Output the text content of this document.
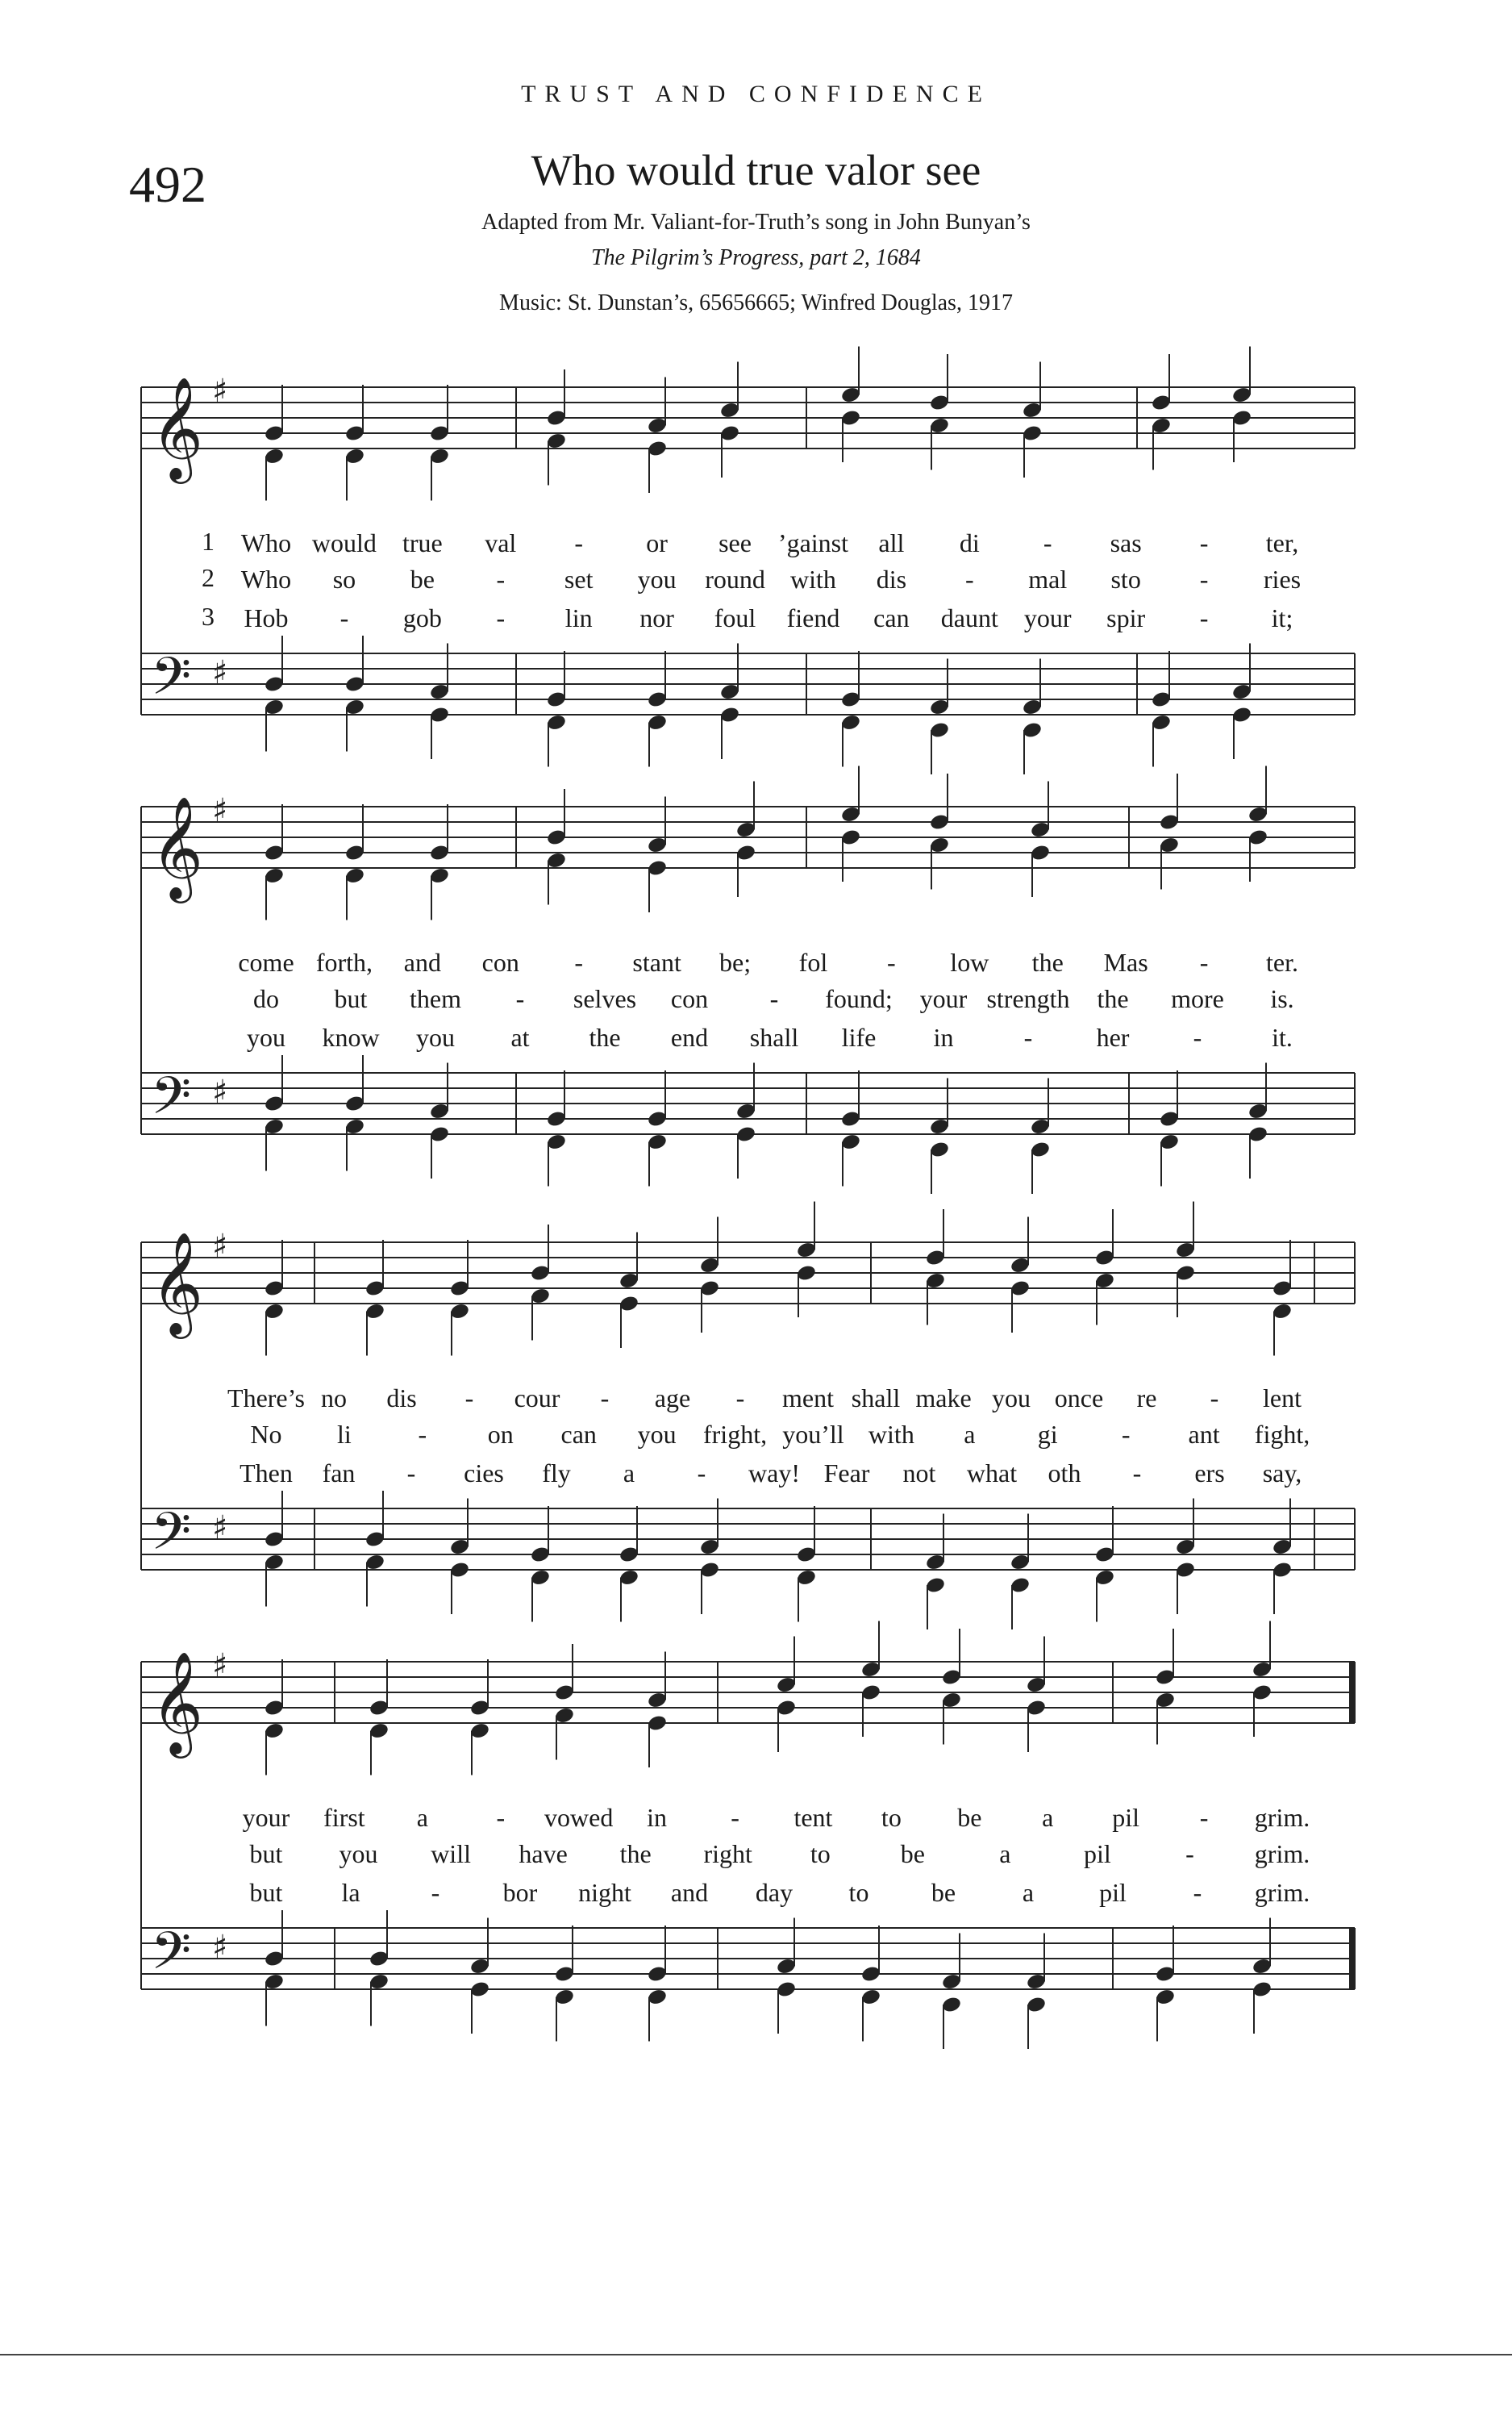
TRUST AND CONFIDENCE
492	Who would true valor see
Adapted from Mr. Valiant-for-Truth’s song in John Bunyan’s
The Pilgrim’s Progress, part 2, 1684
Music: St. Dunstan’s, 65656665; Winfred Douglas, 1917
𝄞 ♯
𝄢 ♯
1
2
3
Who would true val - or see ’gainst all di - sas - ter,
Who so be - set you round with dis - mal sto - ries
Hob - gob - lin nor foul fiend can daunt your spir - it;
𝄞 ♯
𝄢 ♯
come forth, and con - stant be; fol - low the Mas - ter.
do but them - selves con - found; your strength the more is.
you know you at the end shall life in	- her -	it.
𝄞 ♯
𝄢 ♯
There’s no dis - cour - age - ment shall make you once re - lent
No li	- on can you fright, you’ll with a gi - ant fight,
Then fan - cies fly a - way! Fear not what oth - ers say,
𝄞 ♯
𝄢 ♯
your first a	- vowed in - tent to be a pil - grim.
but you will have the right to	be	a	pil	- grim.
but la	- bor night and day to be	a	pil	- grim.
